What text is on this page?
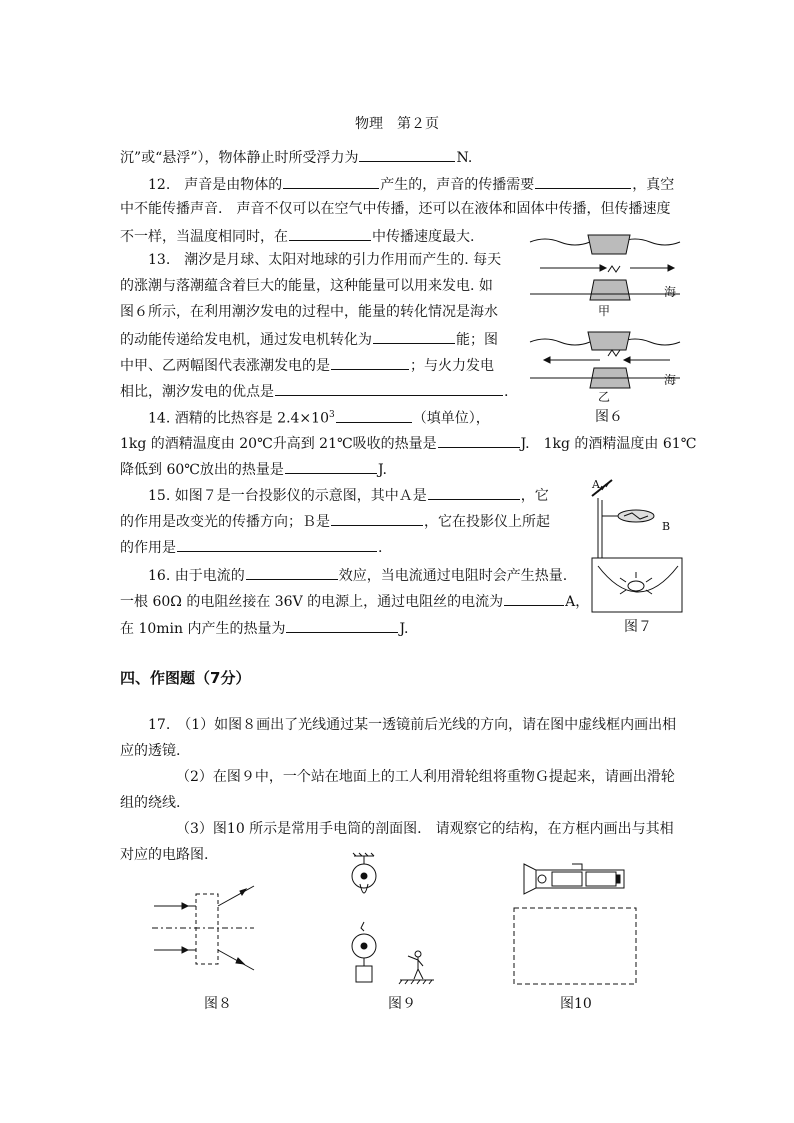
物理　第２页
沉”或“悬浮”），物体静止时所受浮力为	N.
12.　声音是由物体的	产生的，声音的传播需要	，真空
中不能传播声音.　声音不仅可以在空气中传播，还可以在液体和固体中传播，但传播速度
不一样，当温度相同时，在	中传播速度最大.
13.　潮汐是月球、太阳对地球的引力作用而产生的. 每天
的涨潮与落潮蕴含着巨大的能量，这种能量可以用来发电. 如
图６所示，在利用潮汐发电的过程中，能量的转化情况是海水
的动能传递给发电机，通过发电机转化为	能；图
中甲、乙两幅图代表涨潮发电的是	；与火力发电
相比，潮汐发电的优点是	.
14. 酒精的比热容是 $2.4\times 10^3$	（填单位），
1kg 的酒精温度由 20℃升高到 21℃吸收的热量是	J.　1kg 的酒精温度由 61℃
降低到 60℃放出的热量是	J.
15. 如图７是一台投影仪的示意图，其中Ａ是	，它
的作用是改变光的传播方向；Ｂ是	，它在投影仪上所起
的作用是	.
16. 由于电流的	效应，当电流通过电阻时会产生热量.
一根 60Ω 的电阻丝接在 36V 的电源上，通过电阻丝的电流为	A，
在 10min 内产生的热量为	J.
四、作图题（7分）
17.　（1）如图８画出了光线通过某一透镜前后光线的方向，请在图中虚线框内画出相
应的透镜.
（2）在图９中，一个站在地面上的工人利用滑轮组将重物Ｇ提起来，请画出滑轮
组的绕线.
（3）图10 所示是常用手电筒的剖面图.　请观察它的结构，在方框内画出与其相
对应的电路图.
海
甲
海
乙
图６
A
B
图７
图８	图９	图10
